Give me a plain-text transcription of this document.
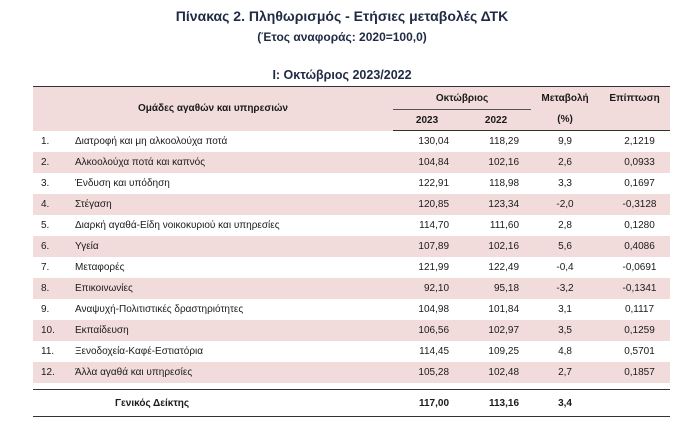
Πίνακας 2. Πληθωρισμός - Ετήσιες μεταβολές ΔΤΚ
(Έτος αναφοράς: 2020=100,0)
Ι: Οκτώβριος 2023/2022
Ομάδες αγαθών και υπηρεσιών		Οκτώβριος		Μεταβολή	Επίπτωση
		2023	2022	(%)	
1.	Διατροφή και μη αλκοολούχα ποτά	130,04	118,29	9,9	2,1219
2.	Αλκοολούχα ποτά και καπνός	104,84	102,16	2,6	0,0933
3.	Ένδυση και υπόδηση	122,91	118,98	3,3	0,1697
4.	Στέγαση	120,85	123,34	-2,0	-0,3128
5.	Διαρκή αγαθά-Είδη νοικοκυριού και υπηρεσίες	114,70	111,60	2,8	0,1280
6.	Υγεία	107,89	102,16	5,6	0,4086
7.	Μεταφορές	121,99	122,49	-0,4	-0,0691
8.	Επικοινωνίες	92,10	95,18	-3,2	-0,1341
9.	Αναψυχή-Πολιτιστικές δραστηριότητες	104,98	101,84	3,1	0,1117
10.	Εκπαίδευση	106,56	102,97	3,5	0,1259
11.	Ξενοδοχεία-Καφέ-Εστιατόρια	114,45	109,25	4,8	0,5701
12.	Άλλα αγαθά και υπηρεσίες	105,28	102,48	2,7	0,1857

	Γενικός Δείκτης	117,00	113,16	3,4	
